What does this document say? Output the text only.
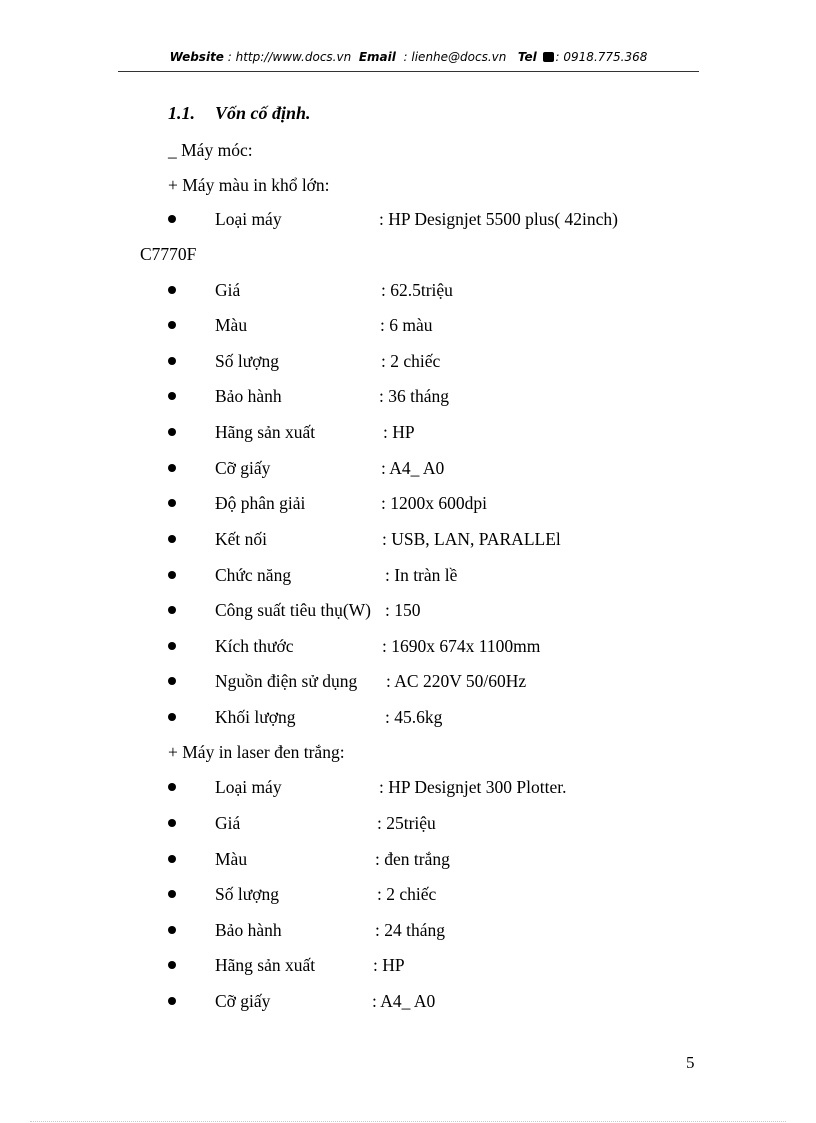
Website : http://www.docs.vn Email : lienhe@docs.vn Tel : 0918.775.368
1.1. Vốn cố định.
_ Máy móc:
+ Máy màu in khổ lớn:
Loại máy	: HP Designjet 5500 plus( 42inch)
C7770F
Giá	: 62.5triệu
Màu	: 6 màu
Số lượng	: 2 chiếc
Bảo hành	: 36 tháng
Hãng sản xuất	: HP
Cỡ giấy	: A4_ A0
Độ phân giải	: 1200x 600dpi
Kết nối	: USB, LAN, PARALLEl
Chức năng	: In tràn lề
Công suất tiêu thụ(W) : 150
Kích thước	: 1690x 674x 1100mm
Nguồn điện sử dụng : AC 220V 50/60Hz
Khối lượng	: 45.6kg
+ Máy in laser đen trắng:
Loại máy	: HP Designjet 300 Plotter.
Giá	: 25triệu
Màu	: đen trắng
Số lượng	: 2 chiếc
Bảo hành	: 24 tháng
Hãng sản xuất	: HP
Cỡ giấy	: A4_ A0
5
